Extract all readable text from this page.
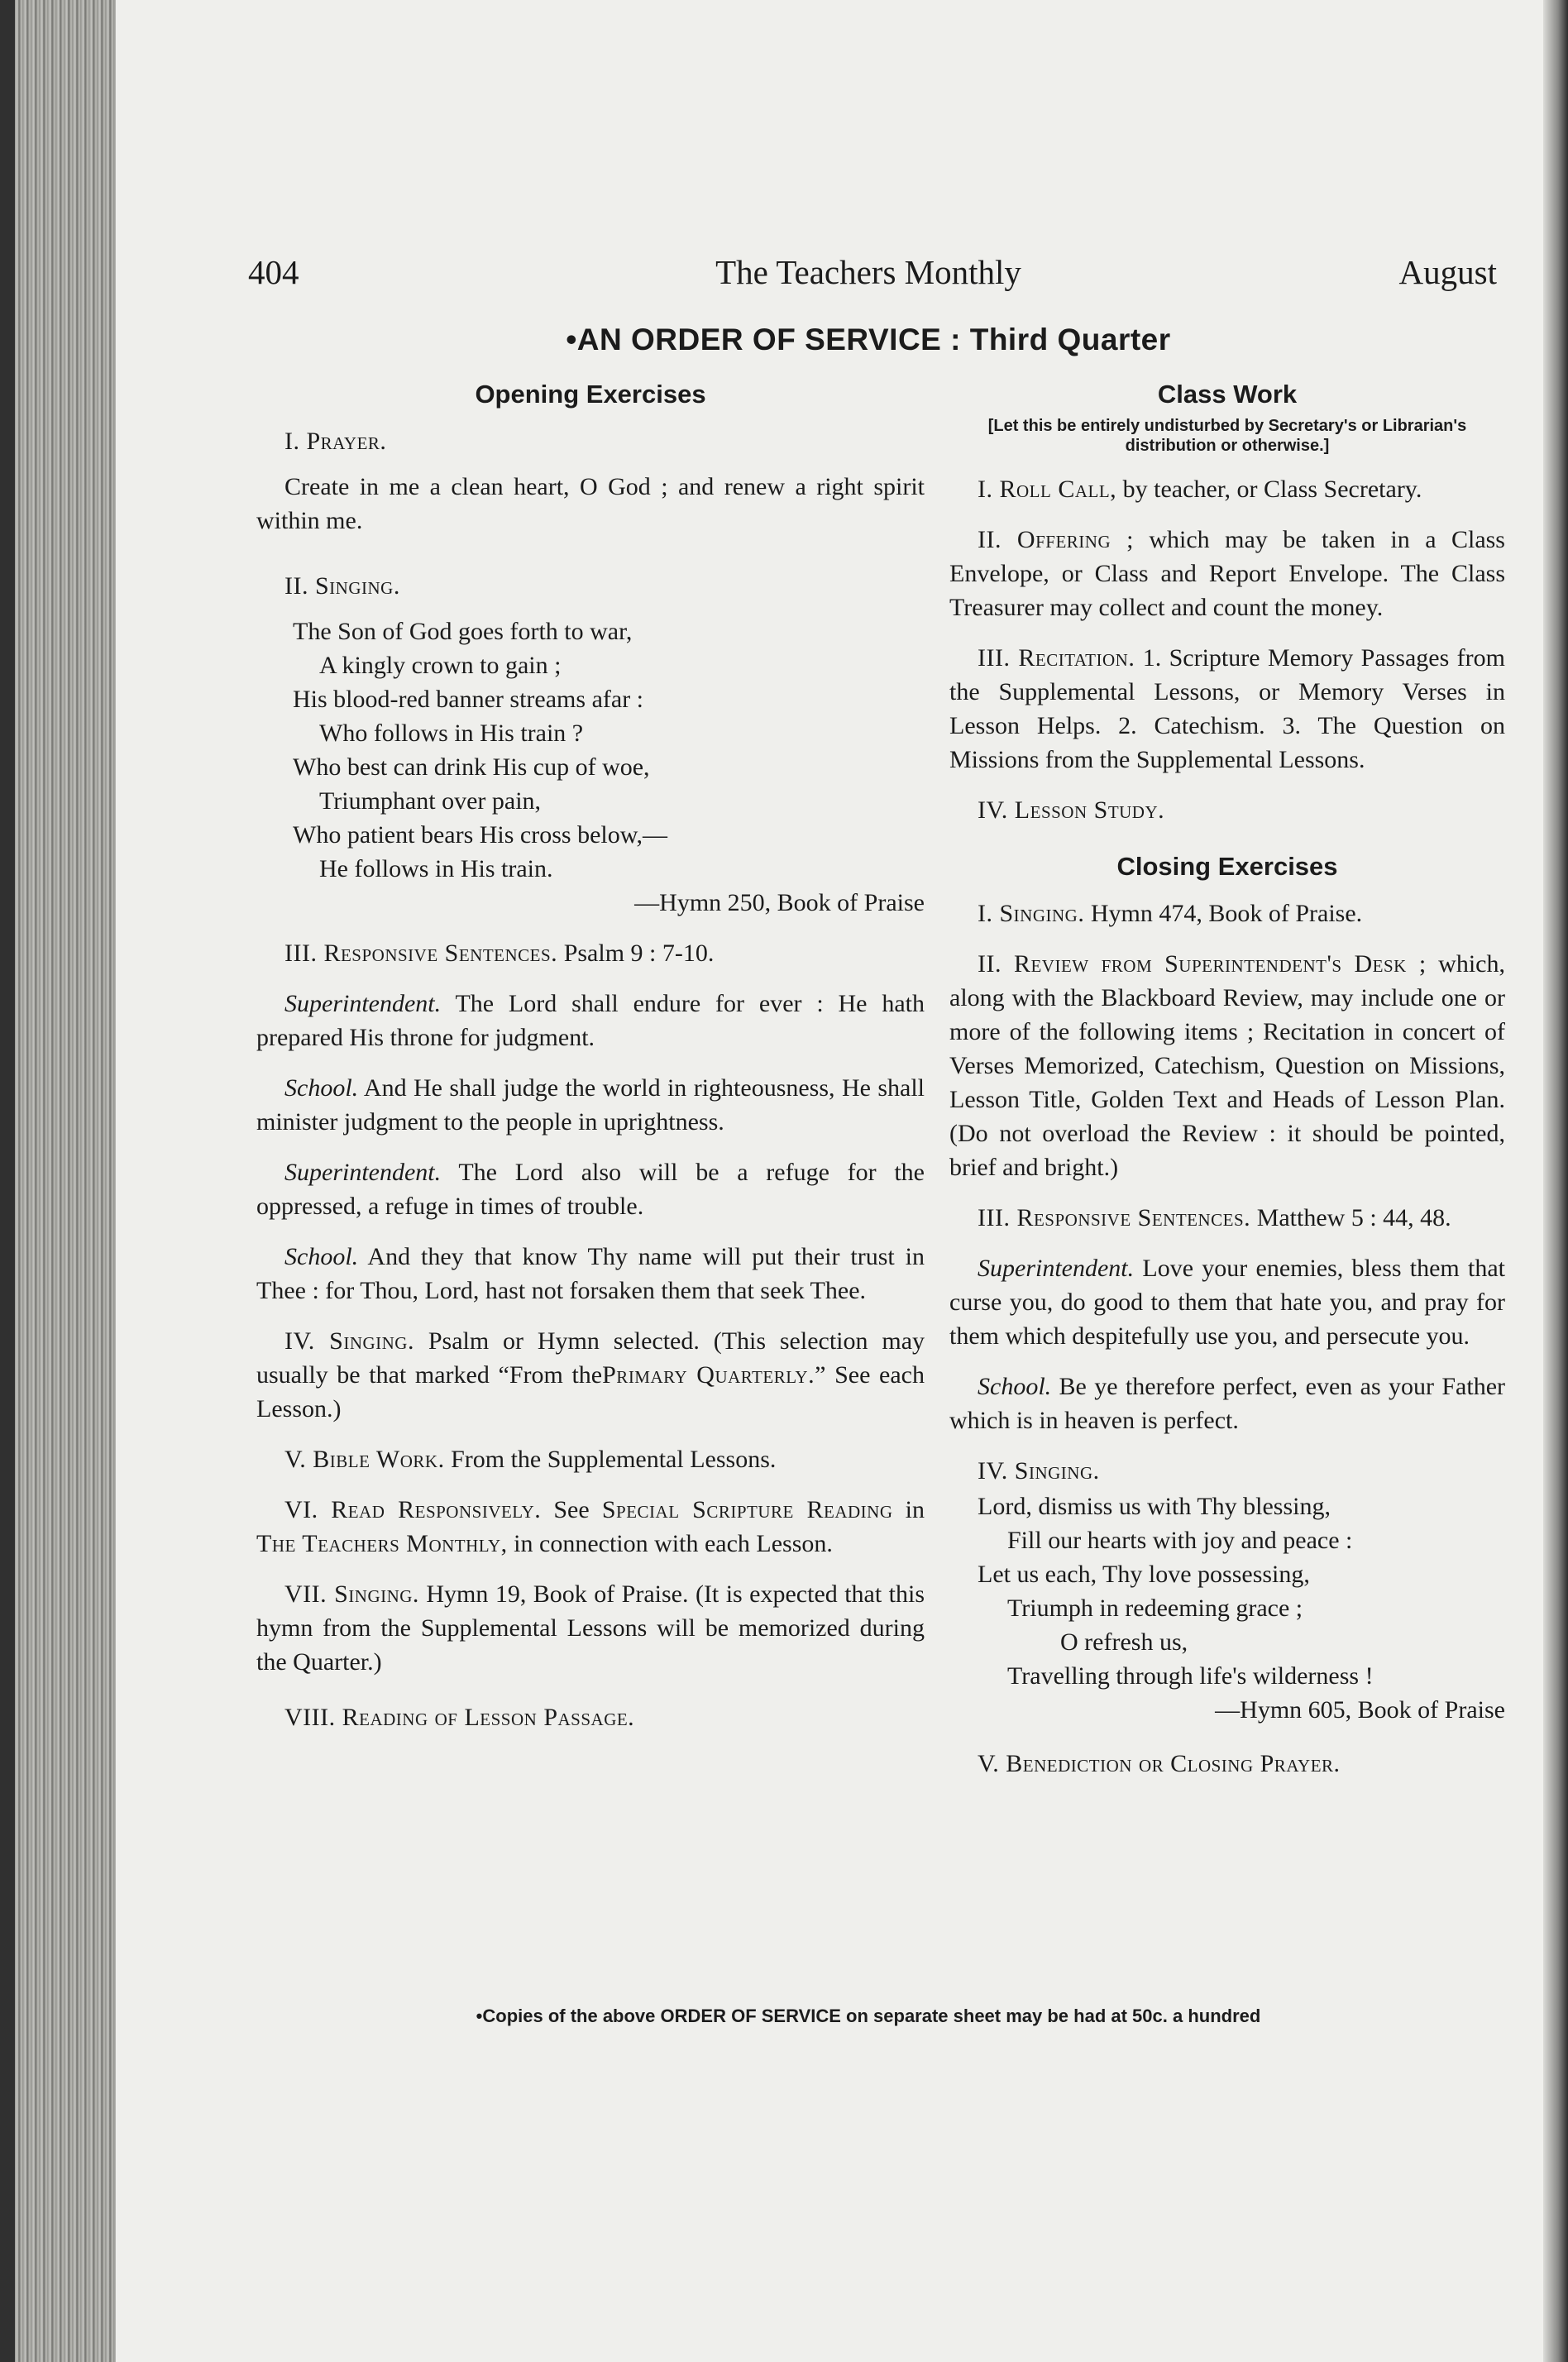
The Teachers Monthly
404	August
•AN ORDER OF SERVICE : Third Quarter
Opening Exercises

I. Prayer.

Create in me a clean heart, O God ; and renew a right spirit within me.

II. Singing.

The Son of God goes forth to war,
A kingly crown to gain ;
His blood-red banner streams afar :
Who follows in His train ?
Who best can drink His cup of woe,
Triumphant over pain,
Who patient bears His cross below,—
He follows in His train.
—Hymn 250, Book of Praise

III. Responsive Sentences. Psalm 9 : 7-10.

Superintendent. The Lord shall endure for ever : He hath prepared His throne for judgment.

School. And He shall judge the world in righteousness, He shall minister judgment to the people in uprightness.

Superintendent. The Lord also will be a refuge for the oppressed, a refuge in times of trouble.

School. And they that know Thy name will put their trust in Thee : for Thou, Lord, hast not forsaken them that seek Thee.

IV. Singing. Psalm or Hymn selected. (This selection may usually be that marked “From thePrimary Quarterly.” See each Lesson.)

V. Bible Work. From the Supplemental Lessons.

VI. Read Responsively. See Special Scripture Reading in The Teachers Monthly, in connection with each Lesson.

VII. Singing. Hymn 19, Book of Praise. (It is expected that this hymn from the Supplemental Lessons will be memorized during the Quarter.)

VIII. Reading of Lesson Passage.

Class Work
[Let this be entirely undisturbed by Secretary's or Librarian's distribution or otherwise.]

I. Roll Call, by teacher, or Class Secretary.

II. Offering ; which may be taken in a Class Envelope, or Class and Report Envelope. The Class Treasurer may collect and count the money.

III. Recitation. 1. Scripture Memory Passages from the Supplemental Lessons, or Memory Verses in Lesson Helps. 2. Catechism. 3. The Question on Missions from the Supplemental Lessons.

IV. Lesson Study.

Closing Exercises

I. Singing. Hymn 474, Book of Praise.

II. Review from Superintendent's Desk ; which, along with the Blackboard Review, may include one or more of the following items ; Recitation in concert of Verses Memorized, Catechism, Question on Missions, Lesson Title, Golden Text and Heads of Lesson Plan. (Do not overload the Review : it should be pointed, brief and bright.)

III. Responsive Sentences. Matthew 5 : 44, 48.

Superintendent. Love your enemies, bless them that curse you, do good to them that hate you, and pray for them which despitefully use you, and persecute you.

School. Be ye therefore perfect, even as your Father which is in heaven is perfect.

IV. Singing.

Lord, dismiss us with Thy blessing,
Fill our hearts with joy and peace :
Let us each, Thy love possessing,
Triumph in redeeming grace ;
O refresh us,
Travelling through life's wilderness !
—Hymn 605, Book of Praise

V. Benediction or Closing Prayer.

•Copies of the above ORDER OF SERVICE on separate sheet may be had at 50c. a hundred
